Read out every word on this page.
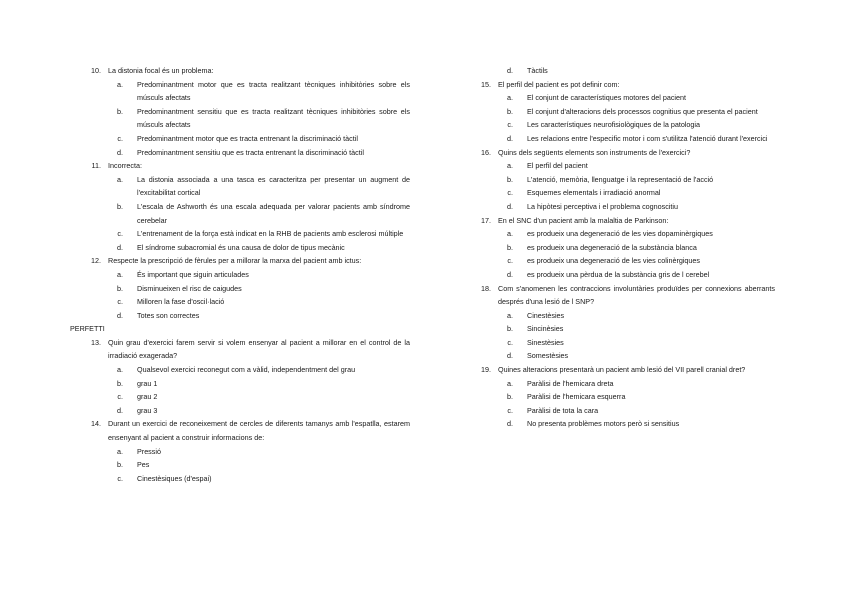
10. La distonia focal és un problema:
a.	Predominantment motor que es tracta realitzant tècniques inhibitòries sobre els músculs afectats
b.	Predominantment sensitiu que es tracta realitzant tècniques inhibitòries sobre els músculs afectats
c.	Predominantment motor que es tracta entrenant la discriminació tàctil
d.	Predominantment sensitiu que es tracta entrenant la discriminació tàctil
11. Incorrecta:
a.	La distonia associada a una tasca es caracteritza per presentar un augment de l'excitabilitat cortical
b.	L'escala de Ashworth és una escala adequada per valorar pacients amb síndrome cerebelar
c.	L'entrenament de la força està indicat en la RHB de pacients amb esclerosi múltiple
d.	El síndrome subacromial és una causa de dolor de tipus mecànic
12. Respecte la prescripció de fèrules per a millorar la marxa del pacient amb ictus:
a.	És important que siguin articulades
b.	Disminueixen el risc de caigudes
c.	Milloren la fase d'oscil·lació
d.	Totes son correctes
PERFETTI
13. Quin grau d'exercici farem servir si volem ensenyar al pacient a millorar en el control de la irradiació exagerada?
a.	Qualsevol exercici reconegut com a vàlid, independentment del grau
b.	grau 1
c.	grau 2
d.	grau 3
14. Durant un exercici de reconeixement de cercles de diferents tamanys amb l'espatlla, estarem ensenyant al pacient a construir informacions de:
a.	Pressió
b.	Pes
c.	Cinestèsiques (d'espai)
d.	Tàctils
15. El perfil del pacient es pot definir com:
a.	El conjunt de característiques motores del pacient
b.	El conjunt d'alteracions dels processos cognitius que presenta el pacient
c.	Les característiques neurofisiològiques de la patologia
d.	Les relacions entre l'especific motor i com s'utilitza l'atenció durant l'exercici
16. Quins dels següents elements son instruments de l'exercici?
a.	El perfil del pacient
b.	L'atenció, memòria, llenguatge i la representació de l'acció
c.	Esquemes elementals i irradiació anormal
d.	La hipòtesi perceptiva i el problema cognoscitiu
17. En el SNC d'un pacient amb la malaltia de Parkinson:
a.	es produeix una degeneració de les vies dopaminèrgiques
b.	es produeix una degeneració de la substància blanca
c.	es produeix una degeneració de les vies colinèrgiques
d.	es produeix una pèrdua de la substància gris de l cerebel
18. Com s'anomenen les contraccions involuntàries produïdes per connexions aberrants després d'una lesió de l SNP?
a.	Cinestèsies
b.	Sincinèsies
c.	Sinestèsies
d.	Somestèsies
19. Quines alteracions presentarà un pacient amb lesió del VII parell cranial dret?
a.	Paràlisi de l'hemicara dreta
b.	Paràlisi de l'hemicara esquerra
c.	Paràlisi de tota la cara
d.	No presenta problèmes motors però si sensitius
